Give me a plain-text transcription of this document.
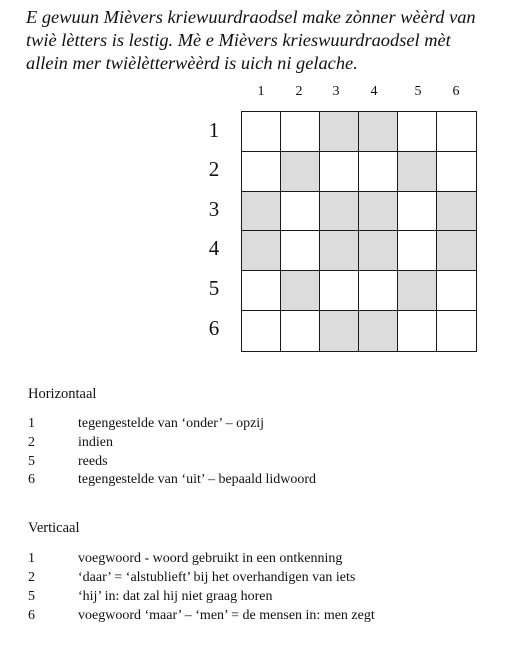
E gewuun Mièvers kriewuurdraodsel make zònner wèèrd van
twiè lètters is lestig. Mè e Mièvers krieswuurdraodsel mèt
allein mer twièlètterwèèrd is uich ni gelache.
1	2	3	4	5	6
1
2
3
4
5
6
Horizontaal
1	tegengestelde van ‘onder’ – opzij
2	indien
5	reeds
6	tegengestelde van ‘uit’ – bepaald lidwoord
Verticaal
1	voegwoord - woord gebruikt in een ontkenning
2	‘daar’ = ‘alstublieft’ bij het overhandigen van iets
5	‘hij’ in: dat zal hij niet graag horen
6	voegwoord ‘maar’ – ‘men’ = de mensen in: men zegt
